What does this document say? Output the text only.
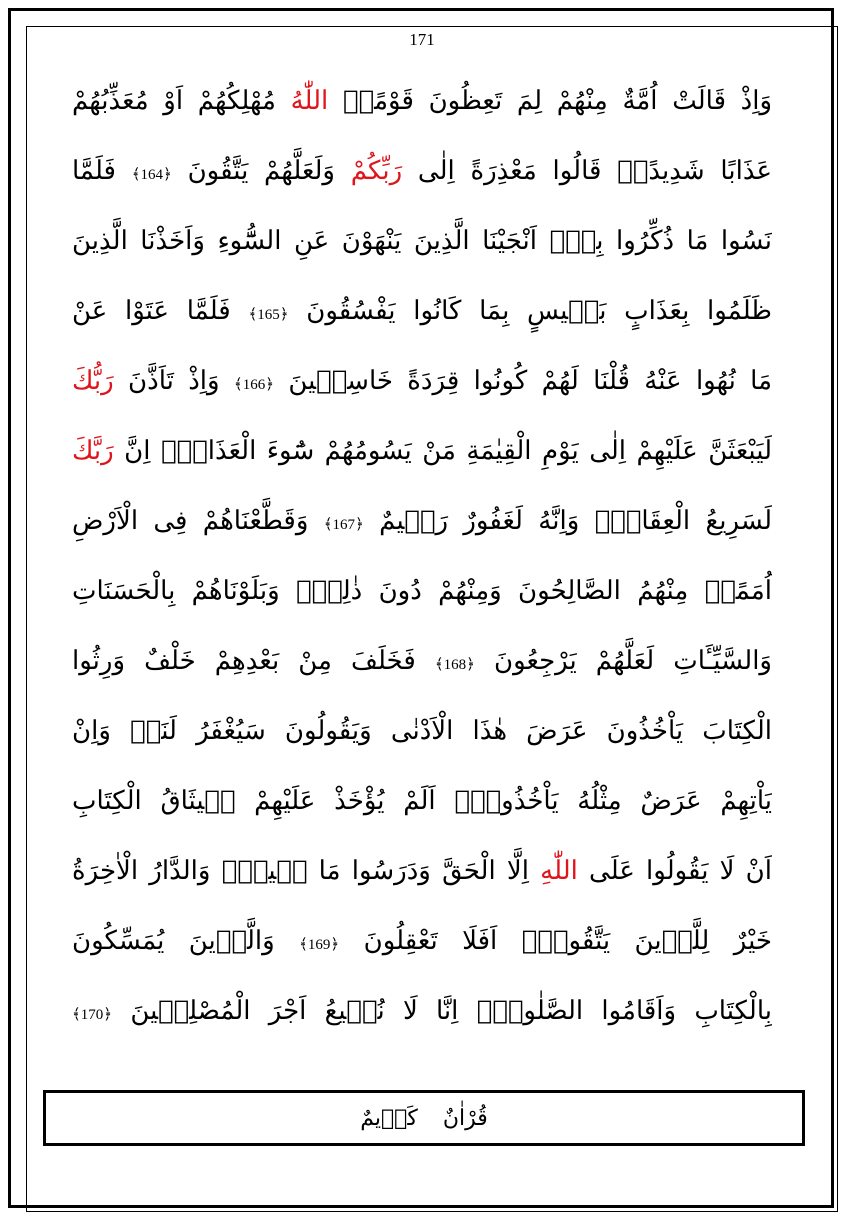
171
وَاِذْ قَالَتْ اُمَّةٌ مِنْهُمْ لِمَ تَعِظُونَ قَوْمًاۙ اللّٰهُ مُهْلِكُهُمْ اَوْ مُعَذِّبُهُمْ
عَذَابًا شَدِيدًاۜ قَالُوا مَعْذِرَةً اِلٰى رَبِّكُمْ وَلَعَلَّهُمْ يَتَّقُونَ ﴿164﴾ فَلَمَّا
نَسُوا مَا ذُكِّرُوا بِهٖٓ اَنْجَيْنَا الَّذِينَ يَنْهَوْنَ عَنِ السُّٓوءِ وَاَخَذْنَا الَّذِينَ
ظَلَمُوا بِعَذَابٍ بَئٖيسٍ بِمَا كَانُوا يَفْسُقُونَ ﴿165﴾ فَلَمَّا عَتَوْا عَنْ
مَا نُهُوا عَنْهُ قُلْنَا لَهُمْ كُونُوا قِرَدَةً خَاسِئٖينَ ﴿166﴾ وَاِذْ تَاَذَّنَ رَبُّكَ
لَيَبْعَثَنَّ عَلَيْهِمْ اِلٰى يَوْمِ الْقِيٰمَةِ مَنْ يَسُومُهُمْ سُٓوءَ الْعَذَابِۜ اِنَّ رَبَّكَ
لَسَرِيعُ الْعِقَابِۚ وَاِنَّهُ لَغَفُورٌ رَحٖيمٌ ﴿167﴾ وَقَطَّعْنَاهُمْ فِى الْاَرْضِ
اُمَمًاۚ مِنْهُمُ الصَّالِحُونَ وَمِنْهُمْ دُونَ ذٰلِكَۘ وَبَلَوْنَاهُمْ بِالْحَسَنَاتِ
وَالسَّيِّـَٔاتِ لَعَلَّهُمْ يَرْجِعُونَ ﴿168﴾ فَخَلَفَ مِنْ بَعْدِهِمْ خَلْفٌ وَرِثُوا
الْكِتَابَ يَاْخُذُونَ عَرَضَ هٰذَا الْاَدْنٰى وَيَقُولُونَ سَيُغْفَرُ لَنَاۚ وَاِنْ
يَاْتِهِمْ عَرَضٌ مِثْلُهُ يَاْخُذُوهُۜ اَلَمْ يُؤْخَذْ عَلَيْهِمْ مٖيثَاقُ الْكِتَابِ
اَنْ لَا يَقُولُوا عَلَى اللّٰهِ اِلَّا الْحَقَّ وَدَرَسُوا مَا فٖيهِۜ وَالدَّارُ الْاٰخِرَةُ
خَيْرٌ لِلَّذٖينَ يَتَّقُونَۜ اَفَلَا تَعْقِلُونَ ﴿169﴾ وَالَّذٖينَ يُمَسِّكُونَ
بِالْكِتَابِ وَاَقَامُوا الصَّلٰوةَۜ اِنَّا لَا نُضٖيعُ اَجْرَ الْمُصْلِحٖينَ ﴿170﴾
قُرْاٰنٌ كَرٖيمٌ
